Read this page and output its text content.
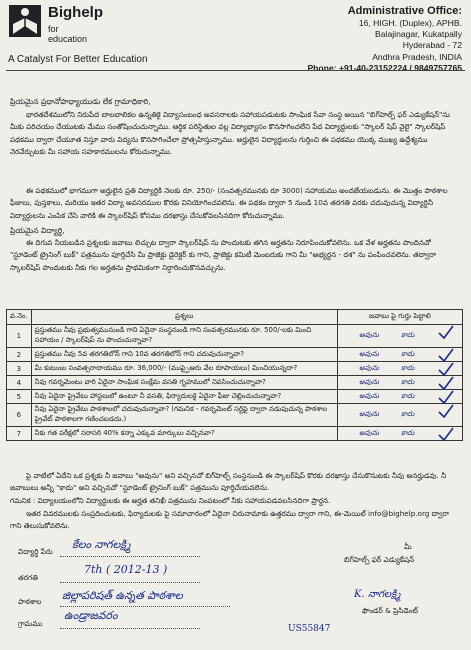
Bighelp
for education
A Catalyst For Better Education
Administrative Office:
16, HIGH. (Duplex), APHB.
Balajinagar, Kukatpally
Hyderabad - 72
Andhra Pradesh, INDIA
Phone: +91-40-23152224 / 9849757765
ప్రియమైన ప్రధానోపాధ్యాయుడు లేక గ్రామాధికారి,
భారతదేశములోని నిరుపేద బాలబాలికల ఉన్నతికై విద్యాసంబంధ అవసరాలకు సహాయపడుటకు సాంఘిక సేవా సంస్థ అయిన "బిగ్‌హెల్ప్ ఫర్ ఎడ్యుకేషన్"ను మీకు పరిచయం చేయుటకు మేము సంతోషించుచున్నాము. ఆర్థిక పరిస్థితుల వల్ల విద్యాభ్యాసం కొనసాగించలేని పేద విద్యార్థులకు "స్కాలర్ షిప్ వైలై" స్కాలర్‌షిప్ పథకము ద్వారా చేయూత నిస్తూ వారు విద్యను కొనసాగించేలా ప్రోత్సహిస్తున్నాము. అర్హులైన విద్యార్థులను గుర్తించి ఈ పథకము యొక్క ముఖ్య ఉద్దేశ్యము నెరవేర్చుటకు మీ సహాయ సహకారములను కోరుచున్నాము.
ఈ పథకములో భాగముగా అర్హులైన ప్రతి విద్యార్థికి నెలకు రూ. 250/- (సంవత్సరమునకు రూ 3000) సహాయము అందజేయబడును. ఈ మొత్తం పాఠశాల ఫీజులు, పుస్తకాలు, మరియు ఇతర విద్యా అవసరముల కొరకు వినియోగించవలెను. ఈ పథకం ద్వారా 5 నుండి 10వ తరగతి వరకు చదువుచున్న విద్యార్థినీ విద్యార్థులను ఎంపిక చేసి వారికి ఈ స్కాలర్‌షిప్ కోసము దరఖాస్తు చేసుకోవలసినదిగా కోరుచున్నాము.
ప్రియమైన విద్యార్థి,
ఈ దిగువ నీయబడిన ప్రశ్నలకు జవాబు లిచ్చుట ద్వారా స్కాలర్‌షిప్ ను పొందుటకు తగిన అర్హతను నిరూపించుకోవలెను. ఒక వేళ అర్హతను పొందినచో "స్టూడెంట్ ట్రైనింగ్ బుక్" పత్రమును పూర్తిచేసి మీ ప్రాజెక్టు డైరెక్టర్ కు గాని, ప్రాజెక్టు కమిటీ మెంబరుకు గాని మీ "అభ్యర్థన - దశ" ను పంపించవలెను. తద్వారా స్కాలర్‌షిప్ పొందుటకు నీకు గల అర్హతను ప్రాథమికంగా నిర్ధారించుకొనవచ్చును.
వ.నెం.	ప్రశ్నలు	జవాబు పై గుర్తు పెట్టాలి
1	ప్రస్తుతము నీవు ప్రభుత్వమునుండి గాని ఏదైనా సంస్థనుండి గాని సంవత్సరమునకు రూ. 500/-లకు మించి సహాయం / స్కాలర్‌షిప్ ను పొందుచున్నావా?	అవును కాదు

2	ప్రస్తుతము నీవు 5వ తరగతిలోన్ గాని 10వ తరగతిలోన్ గాని చదువుచున్నావా?	అవును కాదు

3	మీ కుటుంబ సంవత్సరాదాయము రూ. 36,000/- (ముప్పైఆరు వేల రూపాయలు) మించియున్నదా?	అవును కాదు

4	నీవు గవర్నమెంటు వారి ఏదైనా సాంఘిక సంక్షేమ వసతి గృహములో నివసించుచున్నావా?	అవును కాదు

5	నీవు ఏదైనా ప్రైవేటు హాస్టలులో ఉంటూ నీ వసతి, ఫిర్యాదులకై ఏదైనా ఫీజు చెల్లించుచున్నావా?	అవును కాదు

6	నీవు ఏదైనా ప్రైవేటు పాఠశాలలో చదువుచున్నావా? (గమనిక - గవర్నమెంట్ సర్టిఫై ద్వారా నడుపుచున్న పాఠశాల ప్రైవేట్ పాఠశాలగా గణించబడదు.)	అవును కాదు

7	నీకు గత పరీక్షలో సరాసరి 40% కన్నా ఎక్కువ మార్కులు వచ్చినవా?	అవును కాదు
పై వాటిలో ఏదేని ఒక ప్రశ్నకు నీ జవాబు "అవును" అని వచ్చినచో బిగ్‌హెల్ప్ సంస్థనుండి ఈ స్కాలర్‌షిప్ కొరకు దరఖాస్తు చేసుకొనుటకు నీవు అనర్హుడవు. నీ జవాబులు అన్నీ "కాదు" అని వచ్చినచో "స్టూడెంట్ ట్రైనింగ్ బుక్" పత్రమును పూర్తిచేయవలెను.
గమనిక : విద్యాలయంలోని విద్యార్థులకు ఈ అర్హత తనిఖీ పత్రమును నింపటంలో నీకు సహాయపడవలసినదిగా ప్రార్థన.
ఇతర వివరములకు సంప్రదించుటకు, ఫిర్యాదులకు పై సమాచారంలో ఏదైనా చిరునామాకు ఉత్తరము ద్వారా గాని, ఈ-మెయిల్ info@bighelp.org ద్వారా గాని తెలుసుకోవలెను.
విద్యార్థి పేరు
కేలం నాగలక్ష్మి
తరగతి
7th ( 2012-13 )
పాఠశాల జిల్లాపరిషత్ ఉన్నత పాఠశాల
గ్రామము
ఉండ్రాజవరం
మీ
బిగ్‌హెల్ప్ ఫర్ ఎడ్యుకేషన్
K. నాగలక్ష్మి
ఫౌండర్ & ప్రెసిడెంట్
US55847
